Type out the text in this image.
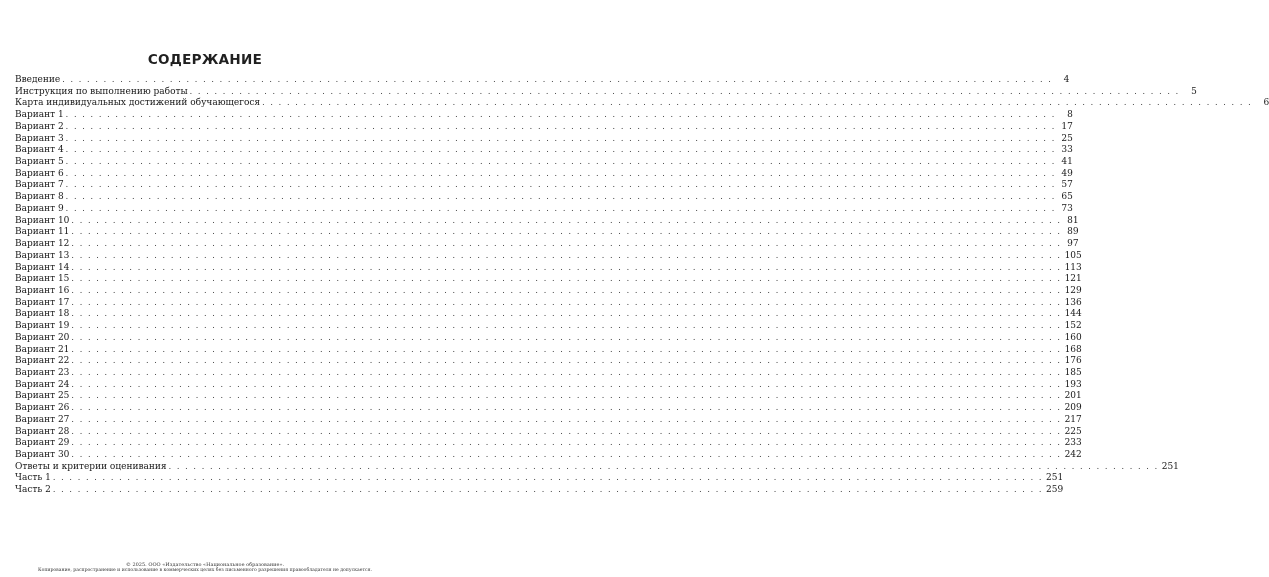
СОДЕРЖАНИЕ
Введение . . . . . . . . . . . . . . . . . . . . . . . . . . . . . . . . . . . . . . . . . . . . . . . . . . . . . . . . . . . . . . . . . . . . . . . . . . . . . . . . . . . . . . . . . . . . . . . . . . . . . . . . . . . . . . . . . . . . . . . .	4
Инструкция по выполнению работы . . . . . . . . . . . . . . . . . . . . . . . . . . . . . . . . . . . . . . . . . . . . . . . . . . . . . . . . . . . . . . . . . . . . . . . . . . . . . . . . . . . . . . . . . . . . . . . . . . . . . . . . . . . . . . . . . . . . . . . .	5
Карта индивидуальных достижений обучающегося . . . . . . . . . . . . . . . . . . . . . . . . . . . . . . . . . . . . . . . . . . . . . . . . . . . . . . . . . . . . . . . . . . . . . . . . . . . . . . . . . . . . . . . . . . . . . . . . . . . . . . . . . . . . . . . . . . . . . . . .	6
Вариант 1 . . . . . . . . . . . . . . . . . . . . . . . . . . . . . . . . . . . . . . . . . . . . . . . . . . . . . . . . . . . . . . . . . . . . . . . . . . . . . . . . . . . . . . . . . . . . . . . . . . . . . . . . . . . . . . . . . . . . . . . .	8
Вариант 2 . . . . . . . . . . . . . . . . . . . . . . . . . . . . . . . . . . . . . . . . . . . . . . . . . . . . . . . . . . . . . . . . . . . . . . . . . . . . . . . . . . . . . . . . . . . . . . . . . . . . . . . . . . . . . . . . . . . . . . . . 17
Вариант 3 . . . . . . . . . . . . . . . . . . . . . . . . . . . . . . . . . . . . . . . . . . . . . . . . . . . . . . . . . . . . . . . . . . . . . . . . . . . . . . . . . . . . . . . . . . . . . . . . . . . . . . . . . . . . . . . . . . . . . . . . 25
Вариант 4 . . . . . . . . . . . . . . . . . . . . . . . . . . . . . . . . . . . . . . . . . . . . . . . . . . . . . . . . . . . . . . . . . . . . . . . . . . . . . . . . . . . . . . . . . . . . . . . . . . . . . . . . . . . . . . . . . . . . . . . . 33
Вариант 5 . . . . . . . . . . . . . . . . . . . . . . . . . . . . . . . . . . . . . . . . . . . . . . . . . . . . . . . . . . . . . . . . . . . . . . . . . . . . . . . . . . . . . . . . . . . . . . . . . . . . . . . . . . . . . . . . . . . . . . . . 41
Вариант 6 . . . . . . . . . . . . . . . . . . . . . . . . . . . . . . . . . . . . . . . . . . . . . . . . . . . . . . . . . . . . . . . . . . . . . . . . . . . . . . . . . . . . . . . . . . . . . . . . . . . . . . . . . . . . . . . . . . . . . . . . 49
Вариант 7 . . . . . . . . . . . . . . . . . . . . . . . . . . . . . . . . . . . . . . . . . . . . . . . . . . . . . . . . . . . . . . . . . . . . . . . . . . . . . . . . . . . . . . . . . . . . . . . . . . . . . . . . . . . . . . . . . . . . . . . . 57
Вариант 8 . . . . . . . . . . . . . . . . . . . . . . . . . . . . . . . . . . . . . . . . . . . . . . . . . . . . . . . . . . . . . . . . . . . . . . . . . . . . . . . . . . . . . . . . . . . . . . . . . . . . . . . . . . . . . . . . . . . . . . . . 65
Вариант 9 . . . . . . . . . . . . . . . . . . . . . . . . . . . . . . . . . . . . . . . . . . . . . . . . . . . . . . . . . . . . . . . . . . . . . . . . . . . . . . . . . . . . . . . . . . . . . . . . . . . . . . . . . . . . . . . . . . . . . . . . 73
Вариант 10 . . . . . . . . . . . . . . . . . . . . . . . . . . . . . . . . . . . . . . . . . . . . . . . . . . . . . . . . . . . . . . . . . . . . . . . . . . . . . . . . . . . . . . . . . . . . . . . . . . . . . . . . . . . . . . . . . . . . . . . . 81
Вариант 11 . . . . . . . . . . . . . . . . . . . . . . . . . . . . . . . . . . . . . . . . . . . . . . . . . . . . . . . . . . . . . . . . . . . . . . . . . . . . . . . . . . . . . . . . . . . . . . . . . . . . . . . . . . . . . . . . . . . . . . . . 89
Вариант 12 . . . . . . . . . . . . . . . . . . . . . . . . . . . . . . . . . . . . . . . . . . . . . . . . . . . . . . . . . . . . . . . . . . . . . . . . . . . . . . . . . . . . . . . . . . . . . . . . . . . . . . . . . . . . . . . . . . . . . . . . 97
Вариант 13 . . . . . . . . . . . . . . . . . . . . . . . . . . . . . . . . . . . . . . . . . . . . . . . . . . . . . . . . . . . . . . . . . . . . . . . . . . . . . . . . . . . . . . . . . . . . . . . . . . . . . . . . . . . . . . . . . . . . . . . . 105
Вариант 14 . . . . . . . . . . . . . . . . . . . . . . . . . . . . . . . . . . . . . . . . . . . . . . . . . . . . . . . . . . . . . . . . . . . . . . . . . . . . . . . . . . . . . . . . . . . . . . . . . . . . . . . . . . . . . . . . . . . . . . . . 113
Вариант 15 . . . . . . . . . . . . . . . . . . . . . . . . . . . . . . . . . . . . . . . . . . . . . . . . . . . . . . . . . . . . . . . . . . . . . . . . . . . . . . . . . . . . . . . . . . . . . . . . . . . . . . . . . . . . . . . . . . . . . . . . 121
Вариант 16 . . . . . . . . . . . . . . . . . . . . . . . . . . . . . . . . . . . . . . . . . . . . . . . . . . . . . . . . . . . . . . . . . . . . . . . . . . . . . . . . . . . . . . . . . . . . . . . . . . . . . . . . . . . . . . . . . . . . . . . . 129
Вариант 17 . . . . . . . . . . . . . . . . . . . . . . . . . . . . . . . . . . . . . . . . . . . . . . . . . . . . . . . . . . . . . . . . . . . . . . . . . . . . . . . . . . . . . . . . . . . . . . . . . . . . . . . . . . . . . . . . . . . . . . . . 136
Вариант 18 . . . . . . . . . . . . . . . . . . . . . . . . . . . . . . . . . . . . . . . . . . . . . . . . . . . . . . . . . . . . . . . . . . . . . . . . . . . . . . . . . . . . . . . . . . . . . . . . . . . . . . . . . . . . . . . . . . . . . . . . 144
Вариант 19 . . . . . . . . . . . . . . . . . . . . . . . . . . . . . . . . . . . . . . . . . . . . . . . . . . . . . . . . . . . . . . . . . . . . . . . . . . . . . . . . . . . . . . . . . . . . . . . . . . . . . . . . . . . . . . . . . . . . . . . . 152
Вариант 20 . . . . . . . . . . . . . . . . . . . . . . . . . . . . . . . . . . . . . . . . . . . . . . . . . . . . . . . . . . . . . . . . . . . . . . . . . . . . . . . . . . . . . . . . . . . . . . . . . . . . . . . . . . . . . . . . . . . . . . . . 160
Вариант 21 . . . . . . . . . . . . . . . . . . . . . . . . . . . . . . . . . . . . . . . . . . . . . . . . . . . . . . . . . . . . . . . . . . . . . . . . . . . . . . . . . . . . . . . . . . . . . . . . . . . . . . . . . . . . . . . . . . . . . . . . 168
Вариант 22 . . . . . . . . . . . . . . . . . . . . . . . . . . . . . . . . . . . . . . . . . . . . . . . . . . . . . . . . . . . . . . . . . . . . . . . . . . . . . . . . . . . . . . . . . . . . . . . . . . . . . . . . . . . . . . . . . . . . . . . . 176
Вариант 23 . . . . . . . . . . . . . . . . . . . . . . . . . . . . . . . . . . . . . . . . . . . . . . . . . . . . . . . . . . . . . . . . . . . . . . . . . . . . . . . . . . . . . . . . . . . . . . . . . . . . . . . . . . . . . . . . . . . . . . . . 185
Вариант 24 . . . . . . . . . . . . . . . . . . . . . . . . . . . . . . . . . . . . . . . . . . . . . . . . . . . . . . . . . . . . . . . . . . . . . . . . . . . . . . . . . . . . . . . . . . . . . . . . . . . . . . . . . . . . . . . . . . . . . . . . 193
Вариант 25 . . . . . . . . . . . . . . . . . . . . . . . . . . . . . . . . . . . . . . . . . . . . . . . . . . . . . . . . . . . . . . . . . . . . . . . . . . . . . . . . . . . . . . . . . . . . . . . . . . . . . . . . . . . . . . . . . . . . . . . . 201
Вариант 26 . . . . . . . . . . . . . . . . . . . . . . . . . . . . . . . . . . . . . . . . . . . . . . . . . . . . . . . . . . . . . . . . . . . . . . . . . . . . . . . . . . . . . . . . . . . . . . . . . . . . . . . . . . . . . . . . . . . . . . . . 209
Вариант 27 . . . . . . . . . . . . . . . . . . . . . . . . . . . . . . . . . . . . . . . . . . . . . . . . . . . . . . . . . . . . . . . . . . . . . . . . . . . . . . . . . . . . . . . . . . . . . . . . . . . . . . . . . . . . . . . . . . . . . . . . 217
Вариант 28 . . . . . . . . . . . . . . . . . . . . . . . . . . . . . . . . . . . . . . . . . . . . . . . . . . . . . . . . . . . . . . . . . . . . . . . . . . . . . . . . . . . . . . . . . . . . . . . . . . . . . . . . . . . . . . . . . . . . . . . . 225
Вариант 29 . . . . . . . . . . . . . . . . . . . . . . . . . . . . . . . . . . . . . . . . . . . . . . . . . . . . . . . . . . . . . . . . . . . . . . . . . . . . . . . . . . . . . . . . . . . . . . . . . . . . . . . . . . . . . . . . . . . . . . . . 233
Вариант 30 . . . . . . . . . . . . . . . . . . . . . . . . . . . . . . . . . . . . . . . . . . . . . . . . . . . . . . . . . . . . . . . . . . . . . . . . . . . . . . . . . . . . . . . . . . . . . . . . . . . . . . . . . . . . . . . . . . . . . . . . 242
Ответы и критерии оценивания . . . . . . . . . . . . . . . . . . . . . . . . . . . . . . . . . . . . . . . . . . . . . . . . . . . . . . . . . . . . . . . . . . . . . . . . . . . . . . . . . . . . . . . . . . . . . . . . . . . . . . . . . . . . . . . . . . . . . . . . 251
Часть 1 . . . . . . . . . . . . . . . . . . . . . . . . . . . . . . . . . . . . . . . . . . . . . . . . . . . . . . . . . . . . . . . . . . . . . . . . . . . . . . . . . . . . . . . . . . . . . . . . . . . . . . . . . . . . . . . . . . . . . . . . 251
Часть 2 . . . . . . . . . . . . . . . . . . . . . . . . . . . . . . . . . . . . . . . . . . . . . . . . . . . . . . . . . . . . . . . . . . . . . . . . . . . . . . . . . . . . . . . . . . . . . . . . . . . . . . . . . . . . . . . . . . . . . . . . 259
© 2025. ООО «Издательство «Национальное образование».
Копирование, распространение и использование в коммерческих целях без письменного разрешения правообладателя не допускается.
